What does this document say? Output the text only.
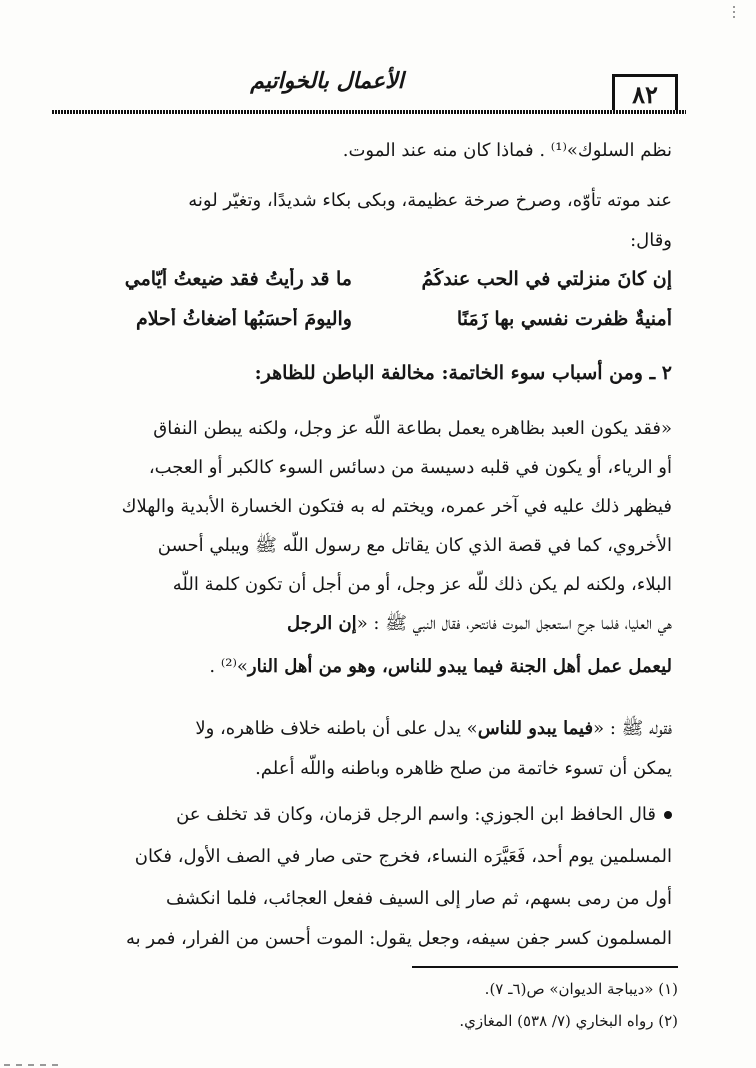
الأعمال بالخواتيم	٨٢
نظم السلوك»⁽¹⁾ . فماذا كان منه عند الموت.
عند موته تأوّه، وصرخ صرخة عظيمة، وبكى بكاء شديدًا، وتغيّر لونه
وقال:
إن كانَ منزلتي في الحب عندكُمُ
ما قد رأيتُ فقد ضيعتُ أيّامي
أمنيةٌ ظفرت نفسي بها زَمَنًا
واليومَ أحسَبُها أضغاثُ أحلام
٢ ـ ومن أسباب سوء الخاتمة: مخالفة الباطن للظاهر:
«فقد يكون العبد بظاهره يعمل بطاعة اللّه عز وجل، ولكنه يبطن النفاق
أو الرياء، أو يكون في قلبه دسيسة من دسائس السوء كالكبر أو العجب،
فيظهر ذلك عليه في آخر عمره، ويختم له به فتكون الخسارة الأبدية والهلاك
الأخروي، كما في قصة الذي كان يقاتل مع رسول اللّه ﷺ ويبلي أحسن
البلاء، ولكنه لم يكن ذلك للّه عز وجل، أو من أجل أن تكون كلمة اللّه
هي العليا، فلما جرح استعجل الموت فانتحر، فقال النبي ﷺ : «إن الرجل
ليعمل عمل أهل الجنة فيما يبدو للناس، وهو من أهل النار»⁽²⁾ .
فقوله ﷺ : «فيما يبدو للناس» يدل على أن باطنه خلاف ظاهره، ولا
يمكن أن تسوء خاتمة من صلح ظاهره وباطنه واللّه أعلم.
قال الحافظ ابن الجوزي: واسم الرجل قزمان، وكان قد تخلف عن
المسلمين يوم أحد، فَعَيَّرَه النساء، فخرج حتى صار في الصف الأول، فكان
أول من رمى بسهم، ثم صار إلى السيف ففعل العجائب، فلما انكشف
المسلمون كسر جفن سيفه، وجعل يقول: الموت أحسن من الفرار، فمر به
(١) «ديباجة الديوان» ص(٦ـ ٧).
(٢) رواه البخاري (٧/ ٥٣٨) المغازي.
